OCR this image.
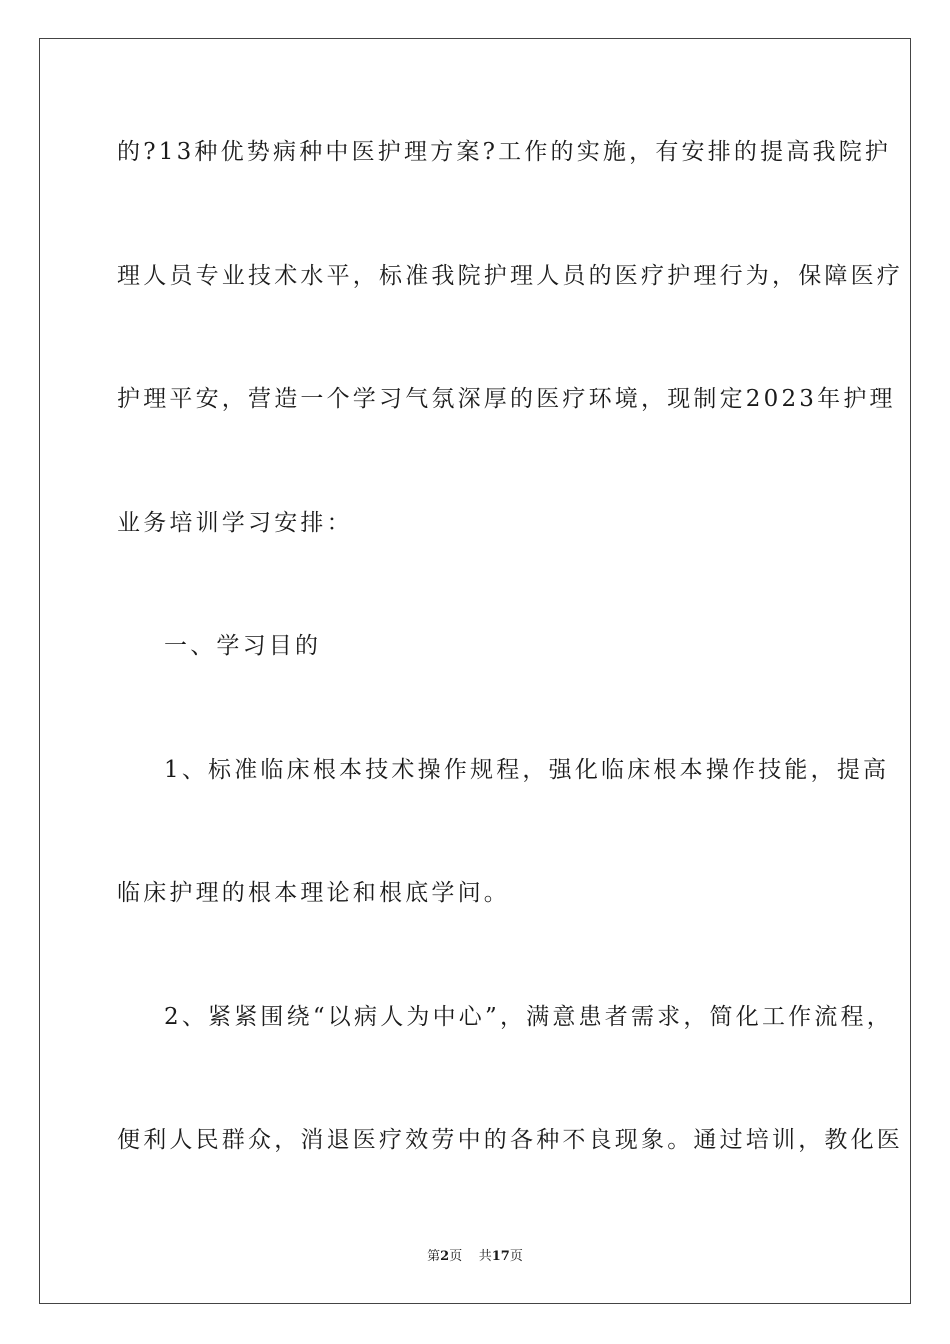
的?13种优势病种中医护理方案?工作的实施，有安排的提高我院护

理人员专业技术水平，标准我院护理人员的医疗护理行为，保障医疗

护理平安，营造一个学习气氛深厚的医疗环境，现制定2023年护理

业务培训学习安排：

一、学习目的

1、标准临床根本技术操作规程，强化临床根本操作技能，提高

临床护理的根本理论和根底学问。

2、紧紧围绕“以病人为中心”，满意患者需求，简化工作流程，

便利人民群众，消退医疗效劳中的各种不良现象。通过培训，教化医

第2页 共17页
